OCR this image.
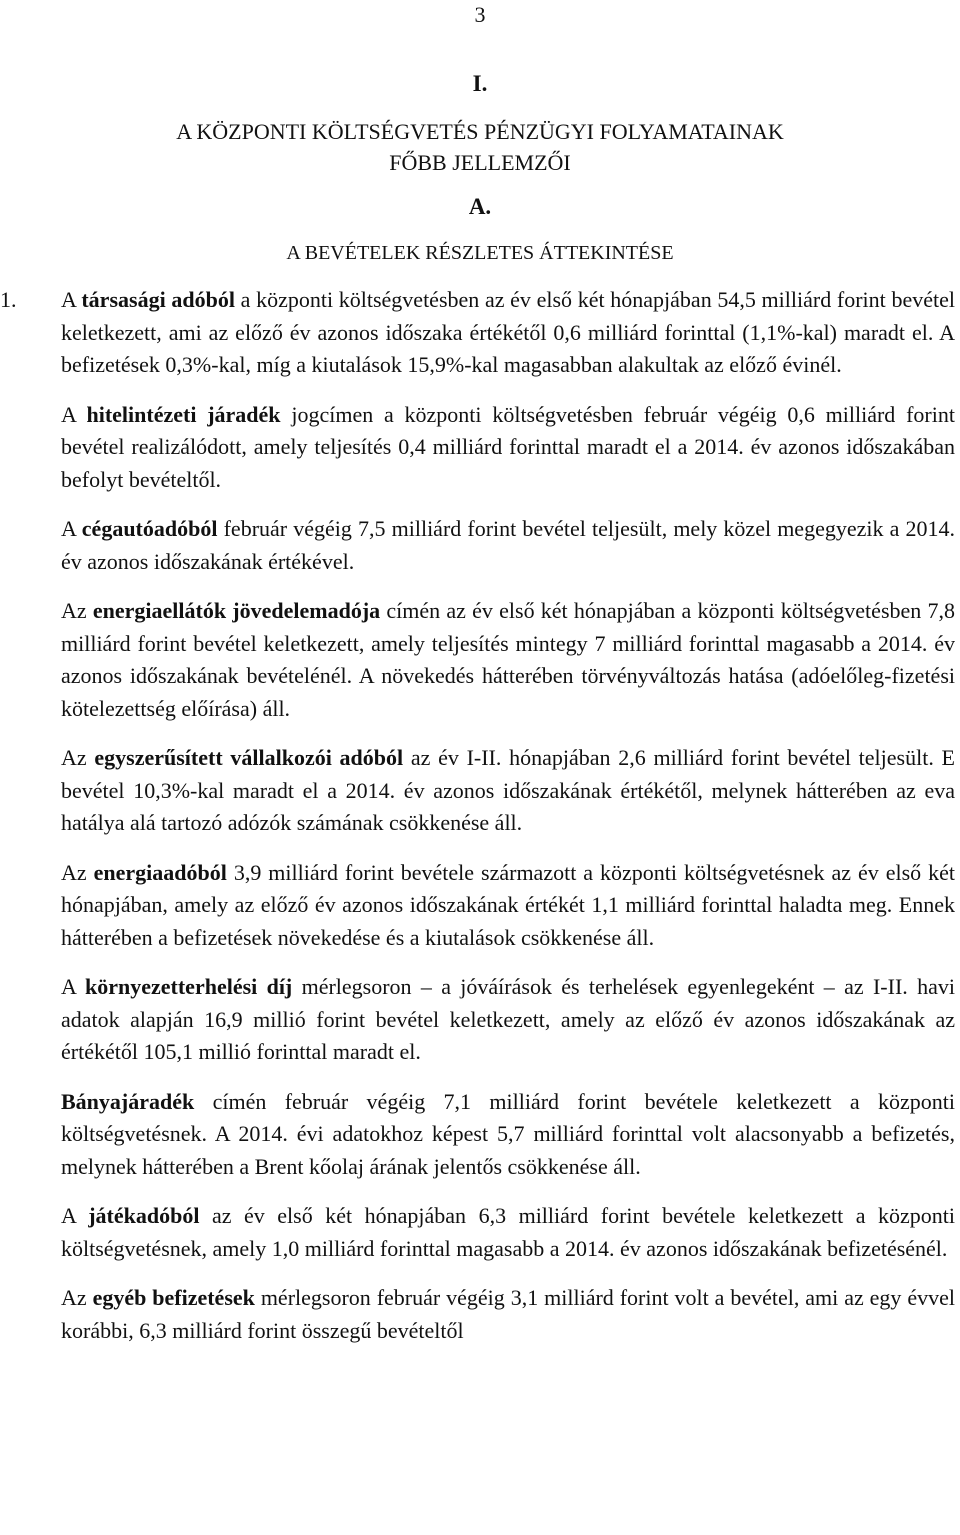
3
I.
A KÖZPONTI KÖLTSÉGVETÉS PÉNZÜGYI FOLYAMATAINAK
FŐBB JELLEMZŐI
A.
A BEVÉTELEK RÉSZLETES ÁTTEKINTÉSE
1. A társasági adóból a központi költségvetésben az év első két hónapjában 54,5 milliárd forint bevétel keletkezett, ami az előző év azonos időszaka értékétől 0,6 milliárd forinttal (1,1%-kal) maradt el. A befizetések 0,3%-kal, míg a kiutalások 15,9%-kal magasabban alakultak az előző évinél.

A hitelintézeti járadék jogcímen a központi költségvetésben február végéig 0,6 milliárd forint bevétel realizálódott, amely teljesítés 0,4 milliárd forinttal maradt el a 2014. év azonos időszakában befolyt bevételtől.

A cégautóadóból február végéig 7,5 milliárd forint bevétel teljesült, mely közel megegyezik a 2014. év azonos időszakának értékével.

Az energiaellátók jövedelemadója címén az év első két hónapjában a központi költségvetésben 7,8 milliárd forint bevétel keletkezett, amely teljesítés mintegy 7 milliárd forinttal magasabb a 2014. év azonos időszakának bevételénél. A növekedés hátterében törvényváltozás hatása (adóelőleg-fizetési kötelezettség előírása) áll.

Az egyszerűsített vállalkozói adóból az év I-II. hónapjában 2,6 milliárd forint bevétel teljesült. E bevétel 10,3%-kal maradt el a 2014. év azonos időszakának értékétől, melynek hátterében az eva hatálya alá tartozó adózók számának csökkenése áll.

Az energiaadóból 3,9 milliárd forint bevétele származott a központi költségvetésnek az év első két hónapjában, amely az előző év azonos időszakának értékét 1,1 milliárd forinttal haladta meg. Ennek hátterében a befizetések növekedése és a kiutalások csökkenése áll.

A környezetterhelési díj mérlegsoron – a jóváírások és terhelések egyenlegeként – az I-II. havi adatok alapján 16,9 millió forint bevétel keletkezett, amely az előző év azonos időszakának az értékétől 105,1 millió forinttal maradt el.

Bányajáradék címén február végéig 7,1 milliárd forint bevétele keletkezett a központi költségvetésnek. A 2014. évi adatokhoz képest 5,7 milliárd forinttal volt alacsonyabb a befizetés, melynek hátterében a Brent kőolaj árának jelentős csökkenése áll.

A játékadóból az év első két hónapjában 6,3 milliárd forint bevétele keletkezett a központi költségvetésnek, amely 1,0 milliárd forinttal magasabb a 2014. év azonos időszakának befizetésénél.

Az egyéb befizetések mérlegsoron február végéig 3,1 milliárd forint volt a bevétel, ami az egy évvel korábbi, 6,3 milliárd forint összegű bevételtől
